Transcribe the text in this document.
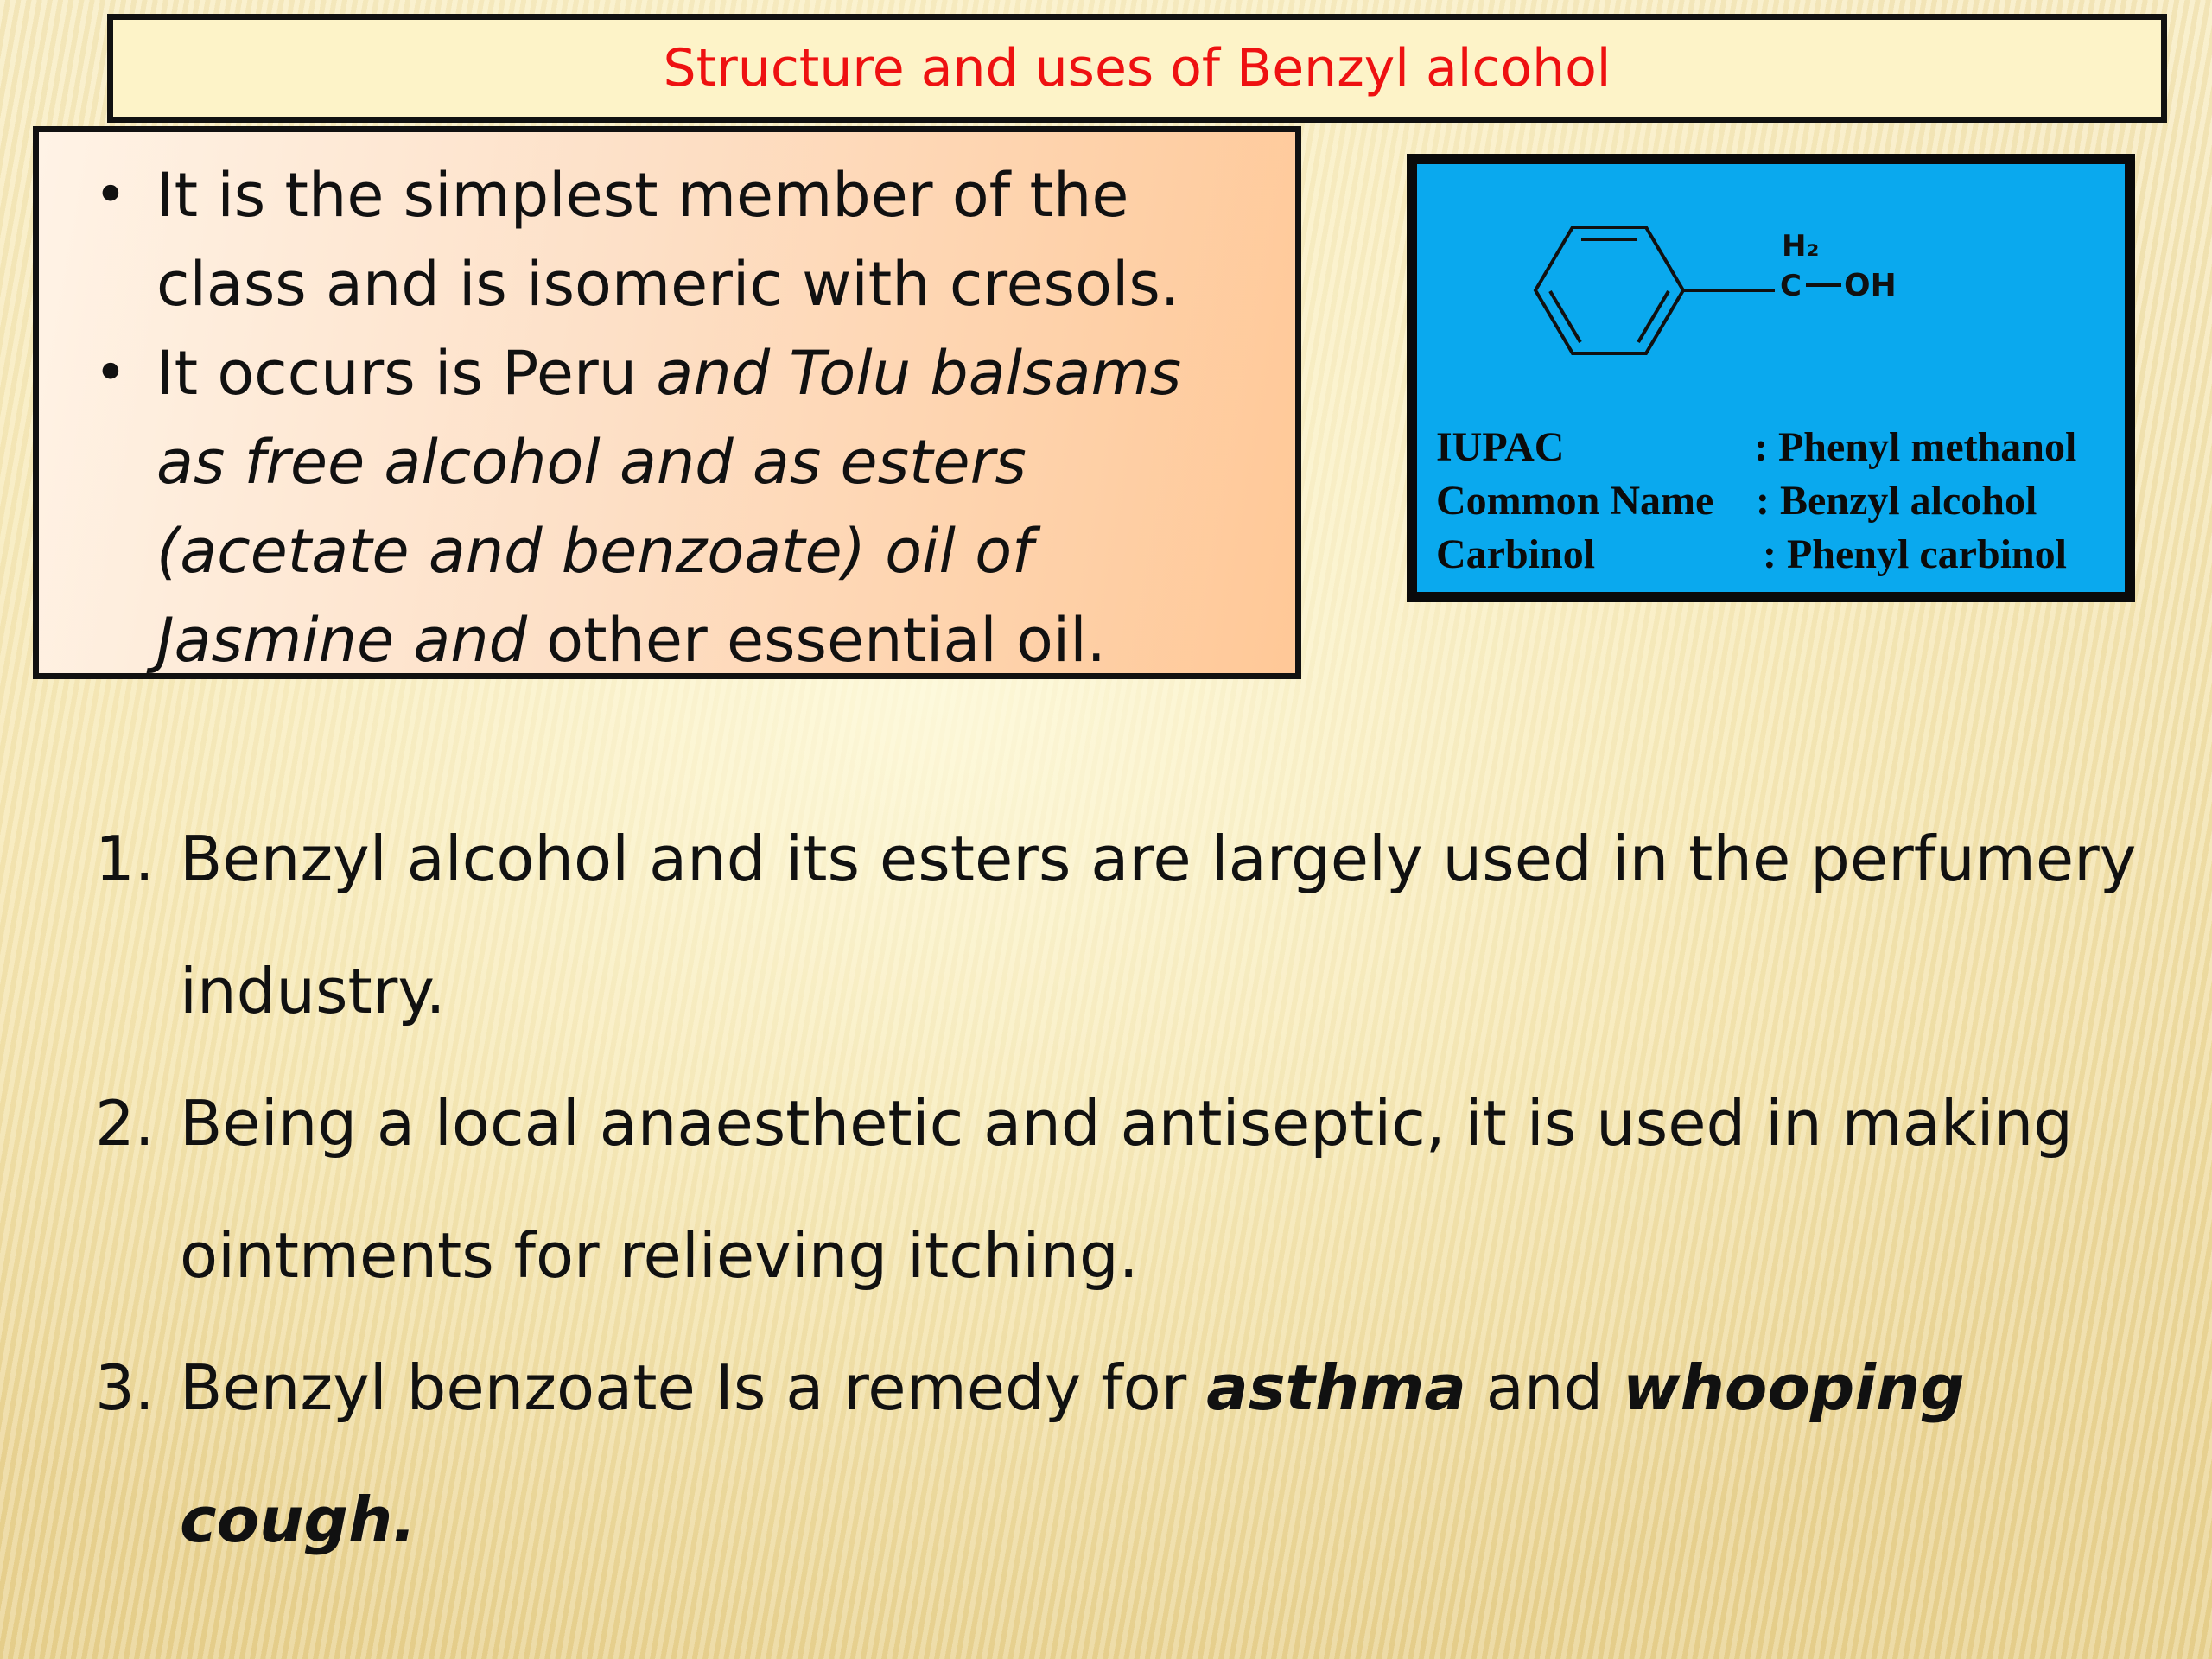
Structure and uses of Benzyl alcohol
• It is the simplest member of the class and is isomeric with cresols.
• It occurs is Peru and Tolu balsams as free alcohol and as esters (acetate and benzoate) oil of Jasmine and other essential oil.
H₂
C OH
IUPAC	: Phenyl methanol
Common Name : Benzyl alcohol
Carbinol	: Phenyl carbinol
1. Benzyl alcohol and its esters are largely used in the perfumery industry.
2. Being a local anaesthetic and antiseptic, it is used in making ointments for relieving itching.
3. Benzyl benzoate Is a remedy for asthma and whooping cough.
